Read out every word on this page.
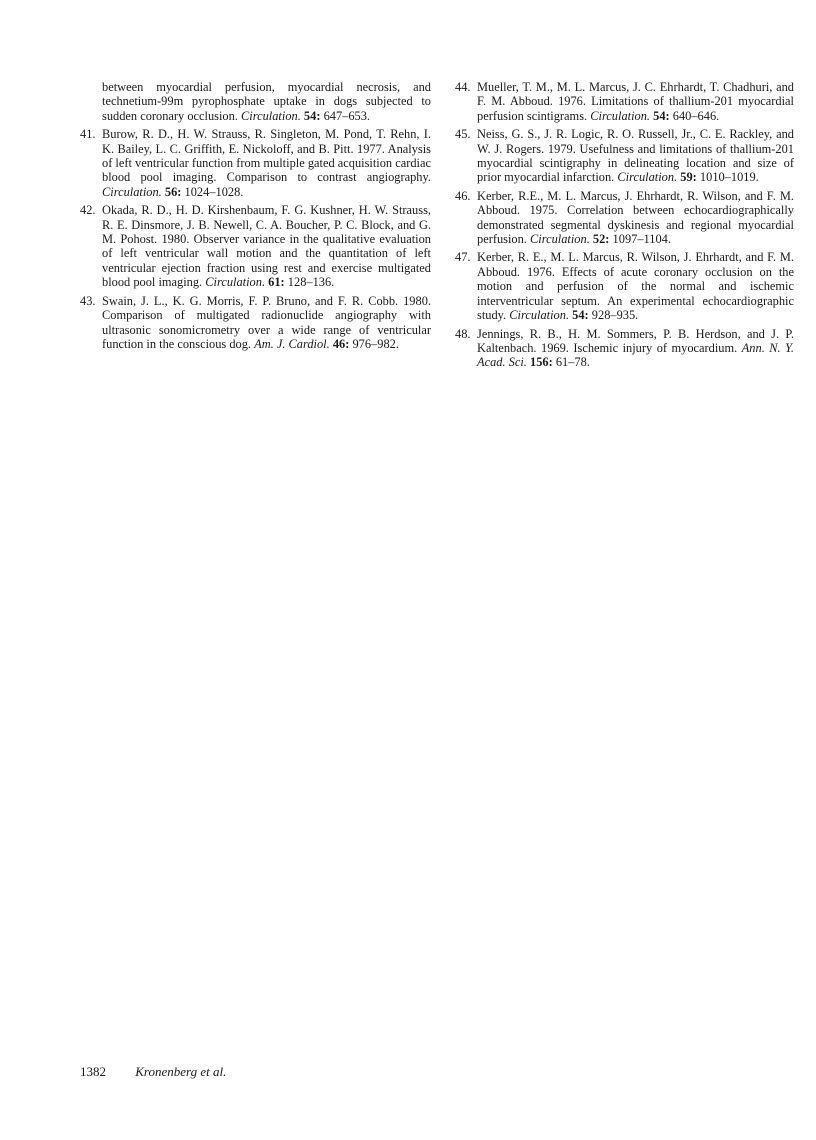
between myocardial perfusion, myocardial necrosis, and technetium-99m pyrophosphate uptake in dogs subjected to sudden coronary occlusion. Circulation. 54: 647–653.

41. Burow, R. D., H. W. Strauss, R. Singleton, M. Pond, T. Rehn, I. K. Bailey, L. C. Griffith, E. Nickoloff, and B. Pitt. 1977. Analysis of left ventricular function from multiple gated acquisition cardiac blood pool imaging. Comparison to contrast angiography. Circulation. 56: 1024–1028.

42. Okada, R. D., H. D. Kirshenbaum, F. G. Kushner, H. W. Strauss, R. E. Dinsmore, J. B. Newell, C. A. Boucher, P. C. Block, and G. M. Pohost. 1980. Observer variance in the qualitative evaluation of left ventricular wall motion and the quantitation of left ventricular ejection fraction using rest and exercise multigated blood pool imaging. Circulation. 61: 128–136.

43. Swain, J. L., K. G. Morris, F. P. Bruno, and F. R. Cobb. 1980. Comparison of multigated radionuclide angiography with ultrasonic sonomicrometry over a wide range of ventricular function in the conscious dog. Am. J. Cardiol. 46: 976–982.

44. Mueller, T. M., M. L. Marcus, J. C. Ehrhardt, T. Chadhuri, and F. M. Abboud. 1976. Limitations of thallium-201 myocardial perfusion scintigrams. Circulation. 54: 640–646.

45. Neiss, G. S., J. R. Logic, R. O. Russell, Jr., C. E. Rackley, and W. J. Rogers. 1979. Usefulness and limitations of thallium-201 myocardial scintigraphy in delineating location and size of prior myocardial infarction. Circulation. 59: 1010–1019.

46. Kerber, R.E., M. L. Marcus, J. Ehrhardt, R. Wilson, and F. M. Abboud. 1975. Correlation between echocardiographically demonstrated segmental dyskinesis and regional myocardial perfusion. Circulation. 52: 1097–1104.

47. Kerber, R. E., M. L. Marcus, R. Wilson, J. Ehrhardt, and F. M. Abboud. 1976. Effects of acute coronary occlusion on the motion and perfusion of the normal and ischemic interventricular septum. An experimental echocardiographic study. Circulation. 54: 928–935.

48. Jennings, R. B., H. M. Sommers, P. B. Herdson, and J. P. Kaltenbach. 1969. Ischemic injury of myocardium. Ann. N. Y. Acad. Sci. 156: 61–78.

1382 Kronenberg et al.
